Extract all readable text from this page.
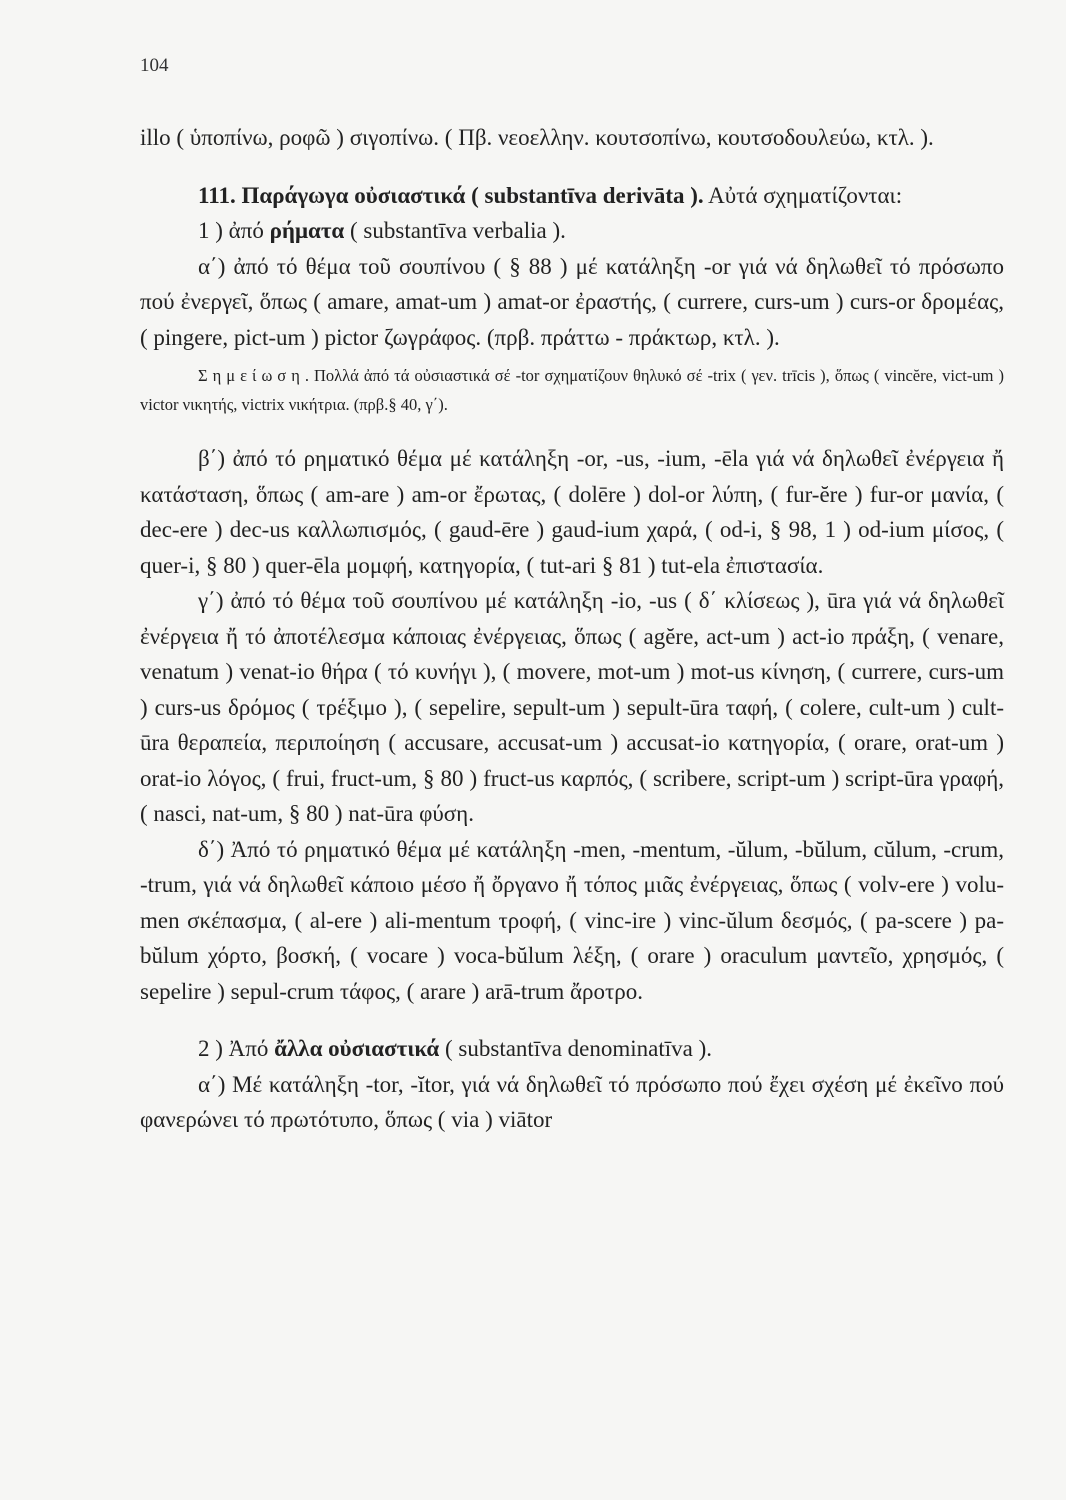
104

illo ( ὑποπίνω, ροφῶ ) σιγοπίνω. ( Πβ. νεοελλην. κουτσοπίνω, κουτσοδουλεύω, κτλ. ).

111. Παράγωγα οὐσιαστικά ( substantīva derivāta ). Αὐτά σχηματίζονται:

1 ) ἀπό ρήματα ( substantīva verbalia ).

α΄) ἀπό τό θέμα τοῦ σουπίνου ( § 88 ) μέ κατάληξη -or γιά νά δηλωθεῖ τό πρόσωπο πού ἐνεργεῖ, ὅπως ( amare, amat-um ) amat-or ἐραστής, ( currere, curs-um ) curs-or δρομέας, ( pingere, pict-um ) pictor ζωγράφος. (πρβ. πράττω - πράκτωρ, κτλ. ).

Σημείωση. Πολλά ἀπό τά οὐσιαστικά σέ -tor σχηματίζουν θηλυκό σέ -trix ( γεν. trīcis ), ὅπως ( vincĕre, vict-um ) victor νικητής, victrix νικήτρια. (πρβ.§ 40, γ΄).

β΄) ἀπό τό ρηματικό θέμα μέ κατάληξη -or, -us, -ium, -ēla γιά νά δηλωθεῖ ἐνέργεια ἤ κατάσταση, ὅπως ( am-are ) am-or ἔρωτας, ( dolēre ) dol-or λύπη, ( fur-ĕre ) fur-or μανία, ( dec-ere ) dec-us καλλωπισμός, ( gaud-ēre ) gaud-ium χαρά, ( od-i, § 98, 1 ) od-ium μίσος, ( quer-i, § 80 ) quer-ēla μομφή, κατηγορία, ( tut-ari § 81 ) tut-ela ἐπιστασία.

γ΄) ἀπό τό θέμα τοῦ σουπίνου μέ κατάληξη -io, -us ( δ΄ κλίσεως ), ūra γιά νά δηλωθεῖ ἐνέργεια ἤ τό ἀποτέλεσμα κάποιας ἐνέργειας, ὅπως ( agĕre, act-um ) act-io πράξη, ( venare, venatum ) venat-io θήρα ( τό κυνήγι ), ( movere, mot-um ) mot-us κίνηση, ( currere, curs-um ) curs-us δρόμος ( τρέξιμο ), ( sepelire, sepult-um ) sepult-ūra ταφή, ( colere, cult-um ) cult-ūra θεραπεία, περιποίηση ( accusare, accusat-um ) accusat-io κατηγορία, ( orare, orat-um ) orat-io λόγος, ( frui, fruct-um, § 80 ) fruct-us καρπός, ( scribere, script-um ) script-ūra γραφή, ( nasci, nat-um, § 80 ) nat-ūra φύση.

δ΄) Ἀπό τό ρηματικό θέμα μέ κατάληξη -men, -mentum, -ŭlum, -bŭlum, cŭlum, -crum, -trum, γιά νά δηλωθεῖ κάποιο μέσο ἤ ὄργανο ἤ τόπος μιᾶς ἐνέργειας, ὅπως ( volv-ere ) volu-men σκέπασμα, ( al-ere ) ali-mentum τροφή, ( vinc-ire ) vinc-ŭlum δεσμός, ( pa-scere ) pa-bŭlum χόρτο, βοσκή, ( vocare ) voca-bŭlum λέξη, ( orare ) oraculum μαντεῖο, χρησμός, ( sepelire ) sepul-crum τάφος, ( arare ) arā-trum ἄροτρο.

2 ) Ἀπό ἄλλα οὐσιαστικά ( substantīva denominatīva ).

α΄) Μέ κατάληξη -tor, -ĭtor, γιά νά δηλωθεῖ τό πρόσωπο πού ἔχει σχέση μέ ἐκεῖνο πού φανερώνει τό πρωτότυπο, ὅπως ( via ) viātor
